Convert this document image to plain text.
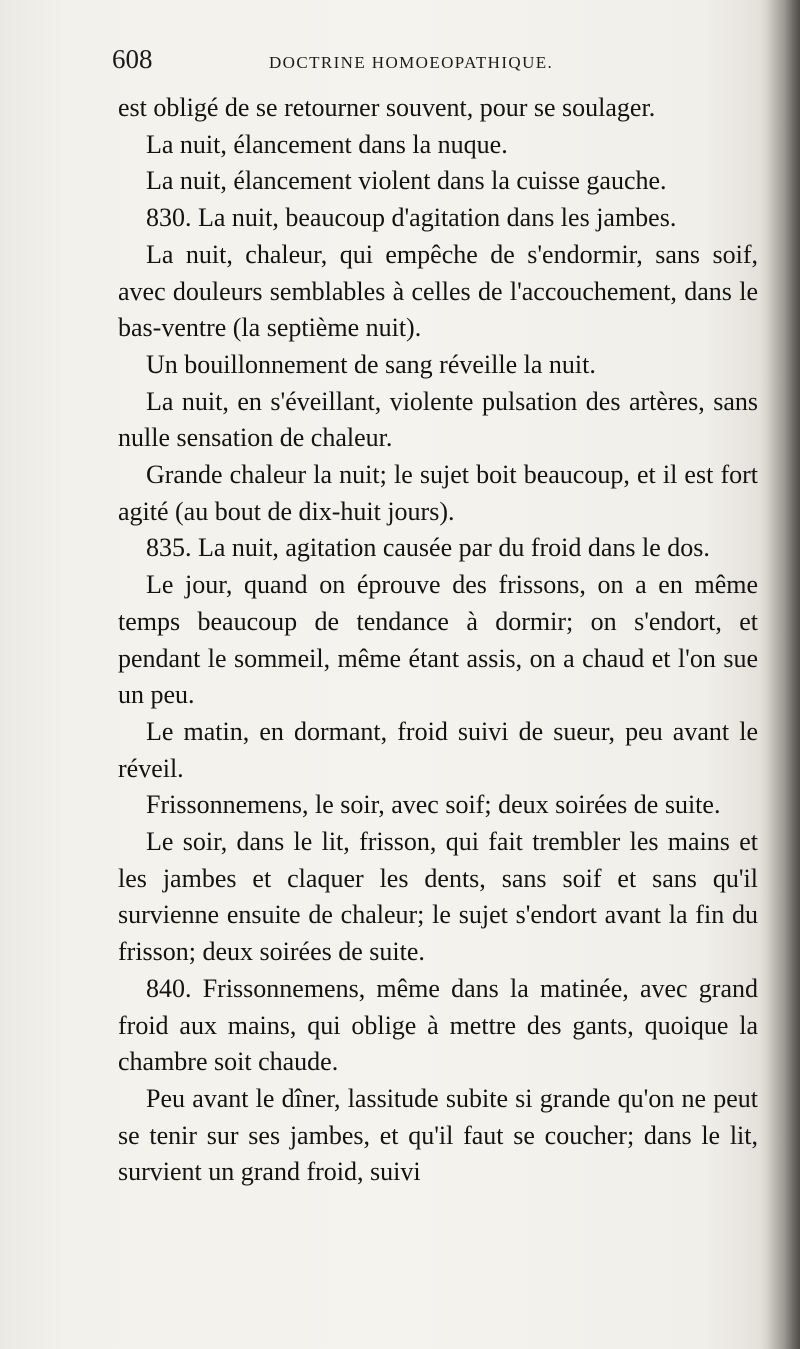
608	DOCTRINE HOMOEOPATHIQUE.

est obligé de se retourner souvent, pour se soulager.

La nuit, élancement dans la nuque.

La nuit, élancement violent dans la cuisse gauche.

830. La nuit, beaucoup d'agitation dans les jambes.

La nuit, chaleur, qui empêche de s'endormir, sans soif, avec douleurs semblables à celles de l'accouchement, dans le bas-ventre (la septième nuit).

Un bouillonnement de sang réveille la nuit.

La nuit, en s'éveillant, violente pulsation des artères, sans nulle sensation de chaleur.

Grande chaleur la nuit; le sujet boit beaucoup, et il est fort agité (au bout de dix-huit jours).

835. La nuit, agitation causée par du froid dans le dos.

Le jour, quand on éprouve des frissons, on a en même temps beaucoup de tendance à dormir; on s'endort, et pendant le sommeil, même étant assis, on a chaud et l'on sue un peu.

Le matin, en dormant, froid suivi de sueur, peu avant le réveil.

Frissonnemens, le soir, avec soif; deux soirées de suite.

Le soir, dans le lit, frisson, qui fait trembler les mains et les jambes et claquer les dents, sans soif et sans qu'il survienne ensuite de chaleur; le sujet s'endort avant la fin du frisson; deux soirées de suite.

840. Frissonnemens, même dans la matinée, avec grand froid aux mains, qui oblige à mettre des gants, quoique la chambre soit chaude.

Peu avant le dîner, lassitude subite si grande qu'on ne peut se tenir sur ses jambes, et qu'il faut se coucher; dans le lit, survient un grand froid, suivi
